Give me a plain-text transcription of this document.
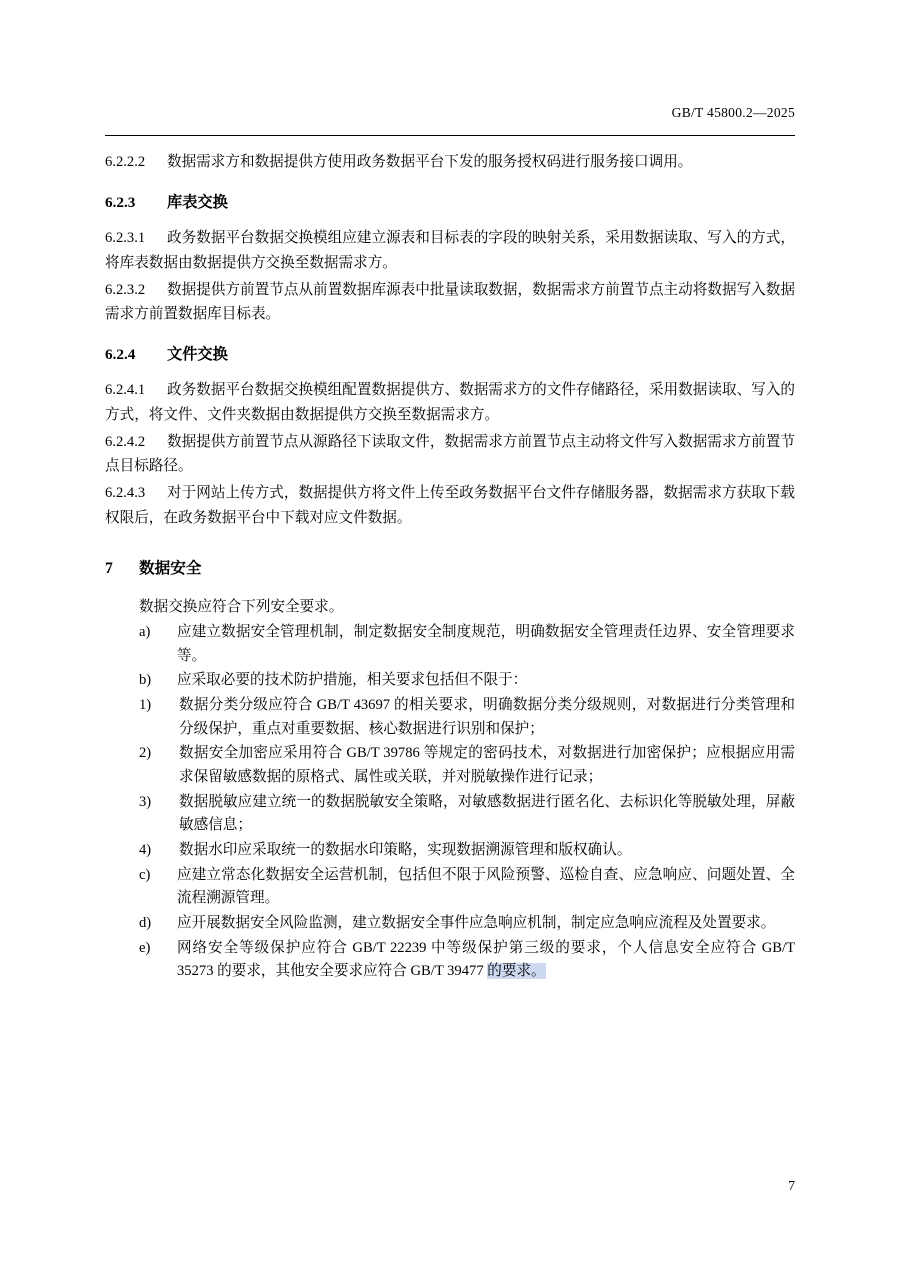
GB/T 45800.2—2025

6.2.2.2 数据需求方和数据提供方使用政务数据平台下发的服务授权码进行服务接口调用。

6.2.3 库表交换

6.2.3.1 政务数据平台数据交换模组应建立源表和目标表的字段的映射关系，采用数据读取、写入的方式，将库表数据由数据提供方交换至数据需求方。

6.2.3.2 数据提供方前置节点从前置数据库源表中批量读取数据，数据需求方前置节点主动将数据写入数据需求方前置数据库目标表。

6.2.4 文件交换

6.2.4.1 政务数据平台数据交换模组配置数据提供方、数据需求方的文件存储路径，采用数据读取、写入的方式，将文件、文件夹数据由数据提供方交换至数据需求方。

6.2.4.2 数据提供方前置节点从源路径下读取文件，数据需求方前置节点主动将文件写入数据需求方前置节点目标路径。

6.2.4.3 对于网站上传方式，数据提供方将文件上传至政务数据平台文件存储服务器，数据需求方获取下载权限后，在政务数据平台中下载对应文件数据。

7 数据安全

数据交换应符合下列安全要求。

a)	应建立数据安全管理机制，制定数据安全制度规范，明确数据安全管理责任边界、安全管理要求等。
b)	应采取必要的技术防护措施，相关要求包括但不限于：
1)	数据分类分级应符合 GB/T 43697 的相关要求，明确数据分类分级规则，对数据进行分类管理和分级保护，重点对重要数据、核心数据进行识别和保护；
2)	数据安全加密应采用符合 GB/T 39786 等规定的密码技术，对数据进行加密保护；应根据应用需求保留敏感数据的原格式、属性或关联，并对脱敏操作进行记录；
3)	数据脱敏应建立统一的数据脱敏安全策略，对敏感数据进行匿名化、去标识化等脱敏处理，屏蔽敏感信息；
4)	数据水印应采取统一的数据水印策略，实现数据溯源管理和版权确认。
c)	应建立常态化数据安全运营机制，包括但不限于风险预警、巡检自查、应急响应、问题处置、全流程溯源管理。
d)	应开展数据安全风险监测，建立数据安全事件应急响应机制，制定应急响应流程及处置要求。
e)	网络安全等级保护应符合 GB/T 22239 中等级保护第三级的要求，个人信息安全应符合 GB/T 35273 的要求，其他安全要求应符合 GB/T 39477 的要求。
7
